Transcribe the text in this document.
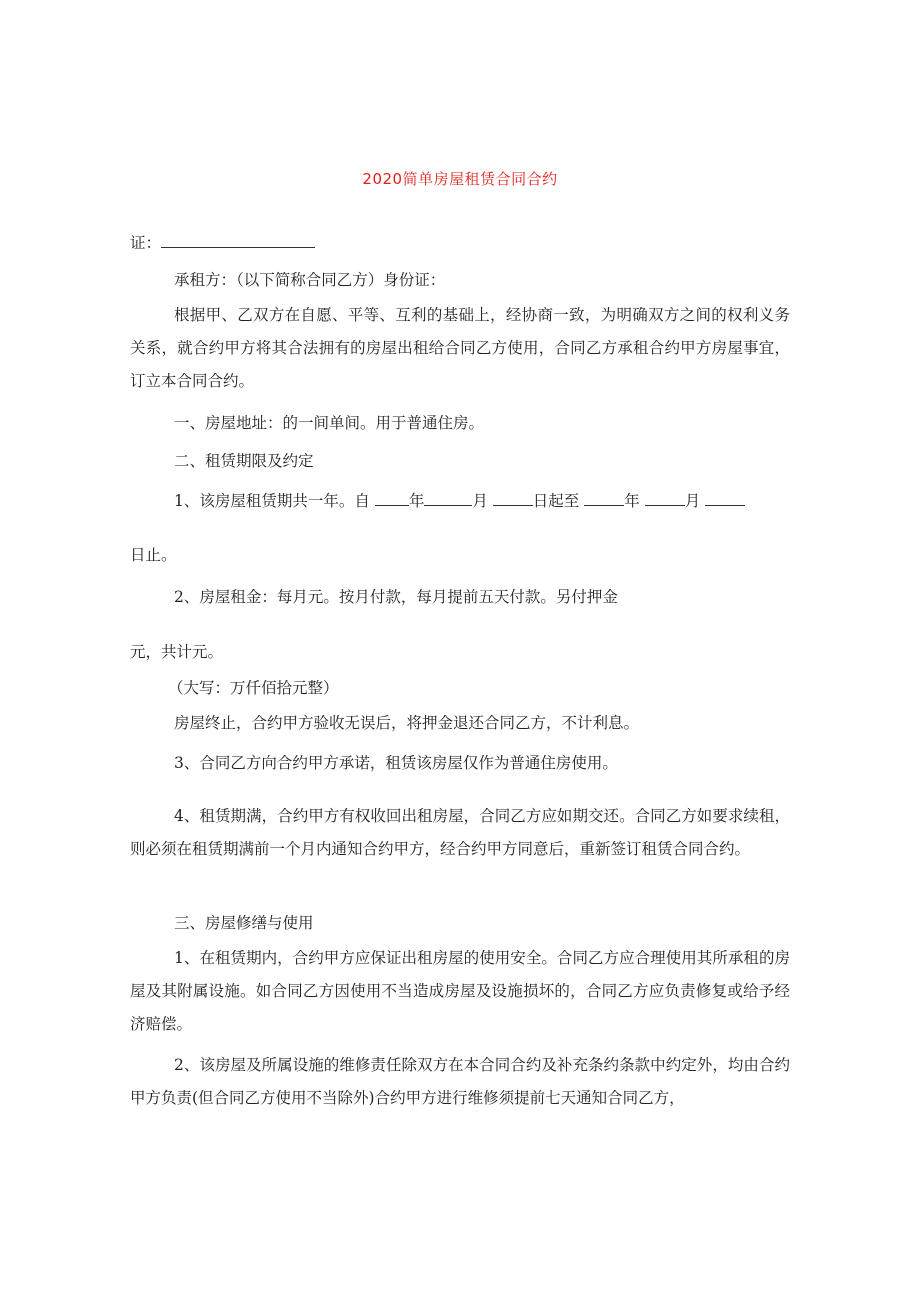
2020简单房屋租赁合同合约
证：
承租方：（以下简称合同乙方）身份证：
根据甲、乙双方在自愿、平等、互利的基础上，经协商一致，为明确双方之间的权利义务关系，就合约甲方将其合法拥有的房屋出租给合同乙方使用，合同乙方承租合约甲方房屋事宜，订立本合同合约。
一、房屋地址：的一间单间。用于普通住房。
二、租赁期限及约定
1、该房屋租赁期共一年。自	年	月	日起至	年	月
日止。
2、房屋租金：每月元。按月付款，每月提前五天付款。另付押金
元，共计元。
（大写：万仟佰拾元整）
房屋终止，合约甲方验收无误后，将押金退还合同乙方，不计利息。
3、合同乙方向合约甲方承诺，租赁该房屋仅作为普通住房使用。
4、租赁期满，合约甲方有权收回出租房屋，合同乙方应如期交还。合同乙方如要求续租，则必须在租赁期满前一个月内通知合约甲方，经合约甲方同意后，重新签订租赁合同合约。
三、房屋修缮与使用
1、在租赁期内，合约甲方应保证出租房屋的使用安全。合同乙方应合理使用其所承租的房屋及其附属设施。如合同乙方因使用不当造成房屋及设施损坏的，合同乙方应负责修复或给予经济赔偿。
2、该房屋及所属设施的维修责任除双方在本合同合约及补充条约条款中约定外，均由合约甲方负责(但合同乙方使用不当除外)合约甲方进行维修须提前七天通知合同乙方，
